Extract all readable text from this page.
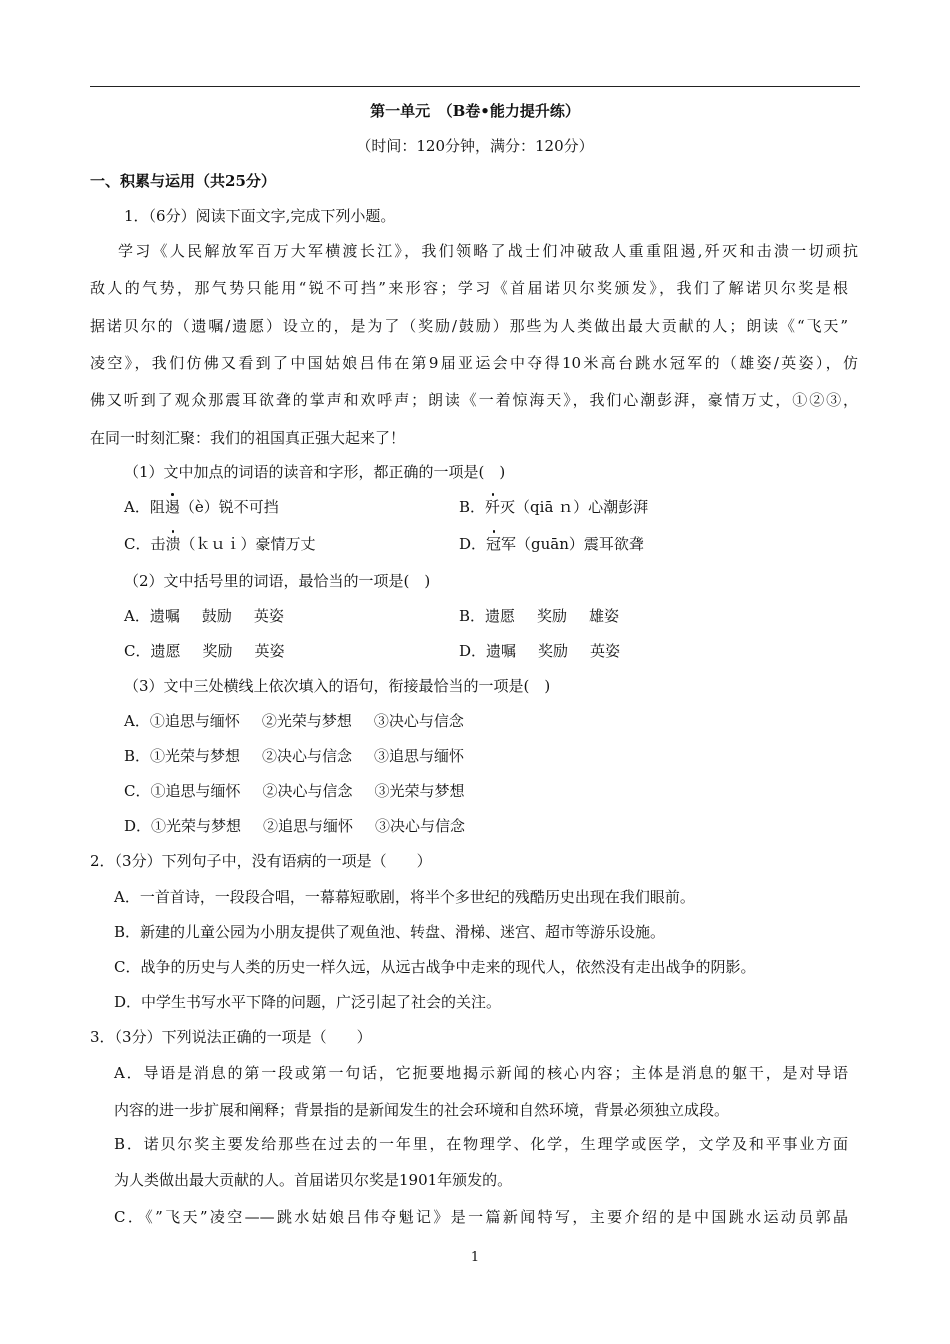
第一单元　（B卷•能力提升练）
（时间：120分钟，满分：120分）
一、积累与运用（共25分）
1．（6分）阅读下面文字,完成下列小题。
学习《人民解放军百万大军横渡长江》，我们领略了战士们冲破敌人重重阻遏,歼灭和击溃一切顽抗
敌人的气势，那气势只能用“锐不可挡”来形容；学习《首届诺贝尔奖颁发》，我们了解诺贝尔奖是根
据诺贝尔的（遗嘱/遗愿）设立的，是为了（奖励/鼓励）那些为人类做出最大贡献的人；朗读《“飞天”
凌空》，我们仿佛又看到了中国姑娘吕伟在第9届亚运会中夺得10米高台跳水冠军的（雄姿/英姿），仿
佛又听到了观众那震耳欲聋的掌声和欢呼声；朗读《一着惊海天》，我们心潮彭湃，豪情万丈，①②③，
在同一时刻汇聚：我们的祖国真正强大起来了！
（1）文中加点的词语的读音和字形，都正确的一项是(　)
A．阻遏（è）锐不可挡	B．歼灭（qiā ｎ）心潮彭湃
C．击溃（ｋｕｉ）豪情万丈	D．冠军（guān）震耳欲聋
（2）文中括号里的词语，最恰当的一项是(　)
A．遗嘱 鼓励 英姿	B．遗愿 奖励 雄姿
C．遗愿 奖励 英姿	D．遗嘱 奖励 英姿
（3）文中三处横线上依次填入的语句，衔接最恰当的一项是(　)
A．①追思与缅怀 ②光荣与梦想 ③决心与信念
B．①光荣与梦想 ②决心与信念 ③追思与缅怀
C．①追思与缅怀 ②决心与信念 ③光荣与梦想
D．①光荣与梦想 ②追思与缅怀 ③决心与信念
2．（3分）下列句子中，没有语病的一项是（　　）
A．一首首诗，一段段合唱，一幕幕短歌剧，将半个多世纪的残酷历史出现在我们眼前。
B．新建的儿童公园为小朋友提供了观鱼池、转盘、滑梯、迷宫、超市等游乐设施。
C．战争的历史与人类的历史一样久远，从远古战争中走来的现代人，依然没有走出战争的阴影。
D．中学生书写水平下降的问题，广泛引起了社会的关注。
3．（3分）下列说法正确的一项是（　　）
A．导语是消息的第一段或第一句话，它扼要地揭示新闻的核心内容；主体是消息的躯干，是对导语
内容的进一步扩展和阐释；背景指的是新闻发生的社会环境和自然环境，背景必须独立成段。
B．诺贝尔奖主要发给那些在过去的一年里，在物理学、化学，生理学或医学，文学及和平事业方面
为人类做出最大贡献的人。首届诺贝尔奖是1901年颁发的。
C．《”飞天”凌空——跳水姑娘吕伟夺魁记》是一篇新闻特写，主要介绍的是中国跳水运动员郭晶
1
